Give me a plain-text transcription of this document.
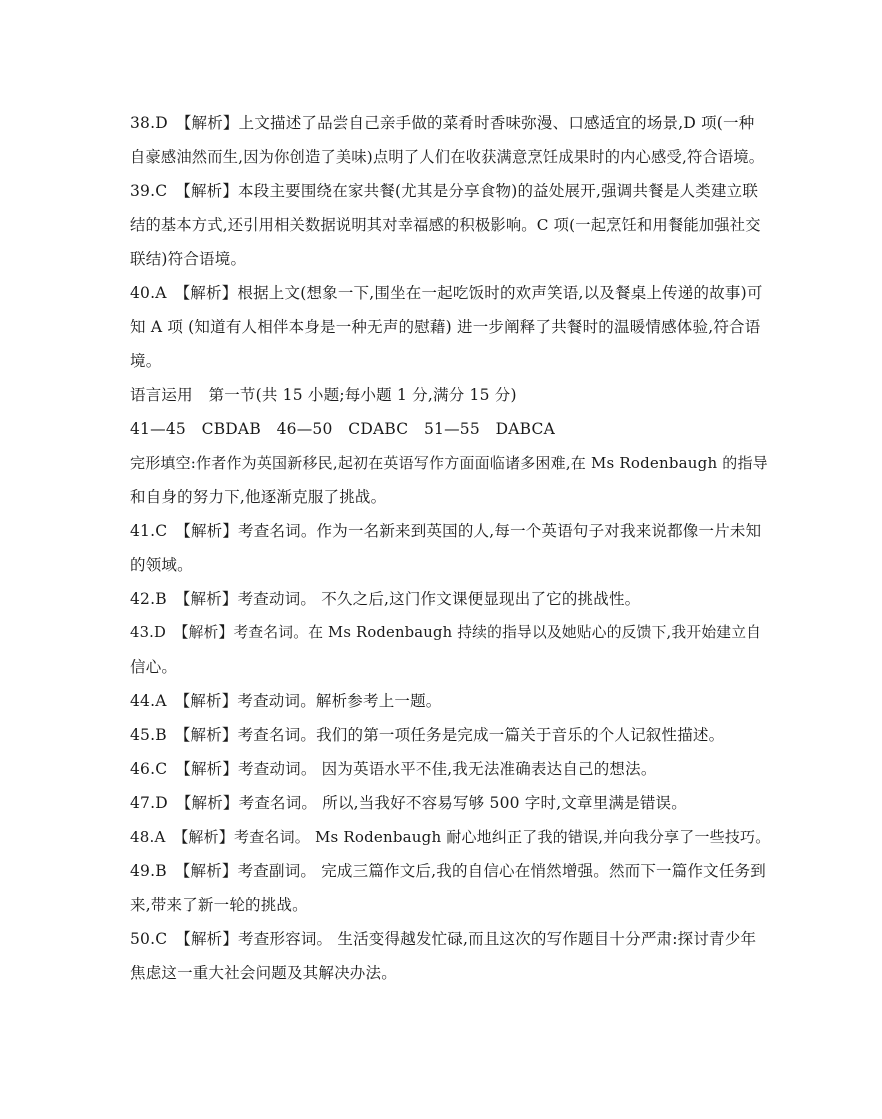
38.D　【解析】上文描述了品尝自己亲手做的菜肴时香味弥漫、口感适宜的场景,D 项(一种
自豪感油然而生,因为你创造了美味)点明了人们在收获满意烹饪成果时的内心感受,符合语境。
39.C　【解析】本段主要围绕在家共餐(尤其是分享食物)的益处展开,强调共餐是人类建立联
结的基本方式,还引用相关数据说明其对幸福感的积极影响。C 项(一起烹饪和用餐能加强社交
联结)符合语境。
40.A　【解析】根据上文(想象一下,围坐在一起吃饭时的欢声笑语,以及餐桌上传递的故事)可
知 A 项 (知道有人相伴本身是一种无声的慰藉) 进一步阐释了共餐时的温暖情感体验,符合语
境。
语言运用　第一节(共 15 小题;每小题 1 分,满分 15 分)
41—45　CBDAB　46—50　CDABC　51—55　DABCA
完形填空:作者作为英国新移民,起初在英语写作方面面临诸多困难,在 Ms Rodenbaugh 的指导
和自身的努力下,他逐渐克服了挑战。
41.C　【解析】考查名词。作为一名新来到英国的人,每一个英语句子对我来说都像一片未知
的领域。
42.B　【解析】考查动词。 不久之后,这门作文课便显现出了它的挑战性。
43.D　【解析】考查名词。在 Ms Rodenbaugh 持续的指导以及她贴心的反馈下,我开始建立自
信心。
44.A　【解析】考查动词。解析参考上一题。
45.B　【解析】考查名词。我们的第一项任务是完成一篇关于音乐的个人记叙性描述。
46.C　【解析】考查动词。 因为英语水平不佳,我无法准确表达自己的想法。
47.D　【解析】考查名词。 所以,当我好不容易写够 500 字时,文章里满是错误。
48.A　【解析】考查名词。 Ms Rodenbaugh 耐心地纠正了我的错误,并向我分享了一些技巧。
49.B　【解析】考查副词。 完成三篇作文后,我的自信心在悄然增强。然而下一篇作文任务到
来,带来了新一轮的挑战。
50.C　【解析】考查形容词。 生活变得越发忙碌,而且这次的写作题目十分严肃:探讨青少年
焦虑这一重大社会问题及其解决办法。
